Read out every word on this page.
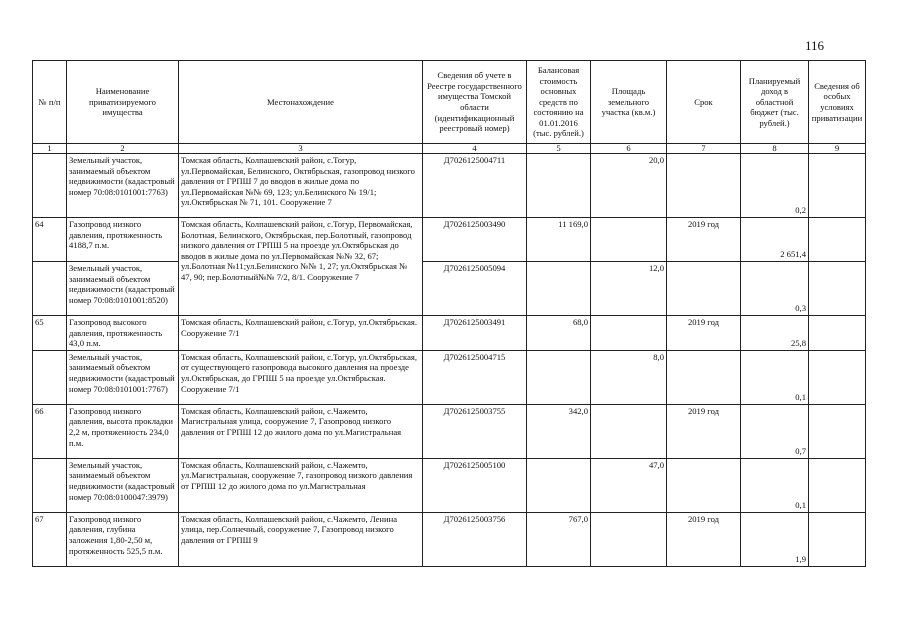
116
№ п/п	Наименование приватизируемого имущества	Местонахождение	Сведения об учете в Реестре государственного имущества Томской области (идентификационный реестровый номер)	Балансовая стоимость основных средств по состоянию на 01.01.2016 (тыс. рублей.)	Площадь земельного участка (кв.м.)	Срок	Планируемый доход в областной бюджет (тыс. рублей.)	Сведения об особых условиях приватизации
1	2	3	4	5	6	7	8	9
	Земельный участок, занимаемый объектом недвижимости (кадастровый номер 70:08:0101001:7763)	Томская область, Колпашевский район, с.Тогур, ул.Первомайская, Белинского, Октябрьская, газопровод низкого давления от ГРПШ 7 до вводов в жилые дома по ул.Первомайская №№ 69, 123; ул.Белинского № 19/1; ул.Октябрьская № 71, 101. Сооружение 7	Д7026125004711		20,0		0,2	
64	Газопровод низкого давления, протяженность 4188,7 п.м.	Томская область, Колпашевский район, с.Тогур, Первомайская, Болотная, Белинского, Октябрьская, пер.Болотный, газопровод низкого давления от ГРПШ 5 на проезде ул.Октябрьская до вводов в жилые дома по ул.Первомайская №№ 32, 67; ул.Болотная №11;ул.Белинского №№ 1, 27; ул.Октябрьская № 47, 90; пер.Болотный№№ 7/2, 8/1. Сооружение 7	Д7026125003490	11 169,0		2019 год	2 651,4	
	Земельный участок, занимаемый объектом недвижимости (кадастровый номер 70:08:0101001:8520)		Д7026125005094		12,0		0,3	
65	Газопровод высокого давления, протяженность 43,0 п.м.	Томская область, Колпашевский район, с.Тогур, ул.Октябрьская. Сооружение 7/1	Д7026125003491	68,0		2019 год	25,8	
	Земельный участок, занимаемый объектом недвижимости (кадастровый номер 70:08:0101001:7767)	Томская область, Колпашевский район, с.Тогур, ул.Октябрьская, от существующего газопровода высокого давления на проезде ул.Октябрьская, до ГРПШ 5 на проезде ул.Октябрьская. Сооружение 7/1	Д7026125004715		8,0		0,1	
66	Газопровод низкого давления, высота прокладки 2,2 м, протяженность 234,0 п.м.	Томская область, Колпашевский район, с.Чажемто, Магистральная улица, сооружение 7, Газопровод низкого давления от ГРПШ 12 до жилого дома по ул.Магистральная	Д7026125003755	342,0		2019 год	0,7	
	Земельный участок, занимаемый объектом недвижимости (кадастровый номер 70:08:0100047:3979)	Томская область, Колпашевский район, с.Чажемто, ул.Магистральная, сооружение 7, газопровод низкого давления от ГРПШ 12 до жилого дома по ул.Магистральная	Д7026125005100		47,0		0,1	
67	Газопровод низкого давления, глубина заложения 1,80-2,50 м, протяженность 525,5 п.м.	Томская область, Колпашевский район, с.Чажемто, Ленина улица, пер.Солнечный, сооружение 7, Газопровод низкого давления от ГРПШ 9	Д7026125003756	767,0		2019 год	1,9	
